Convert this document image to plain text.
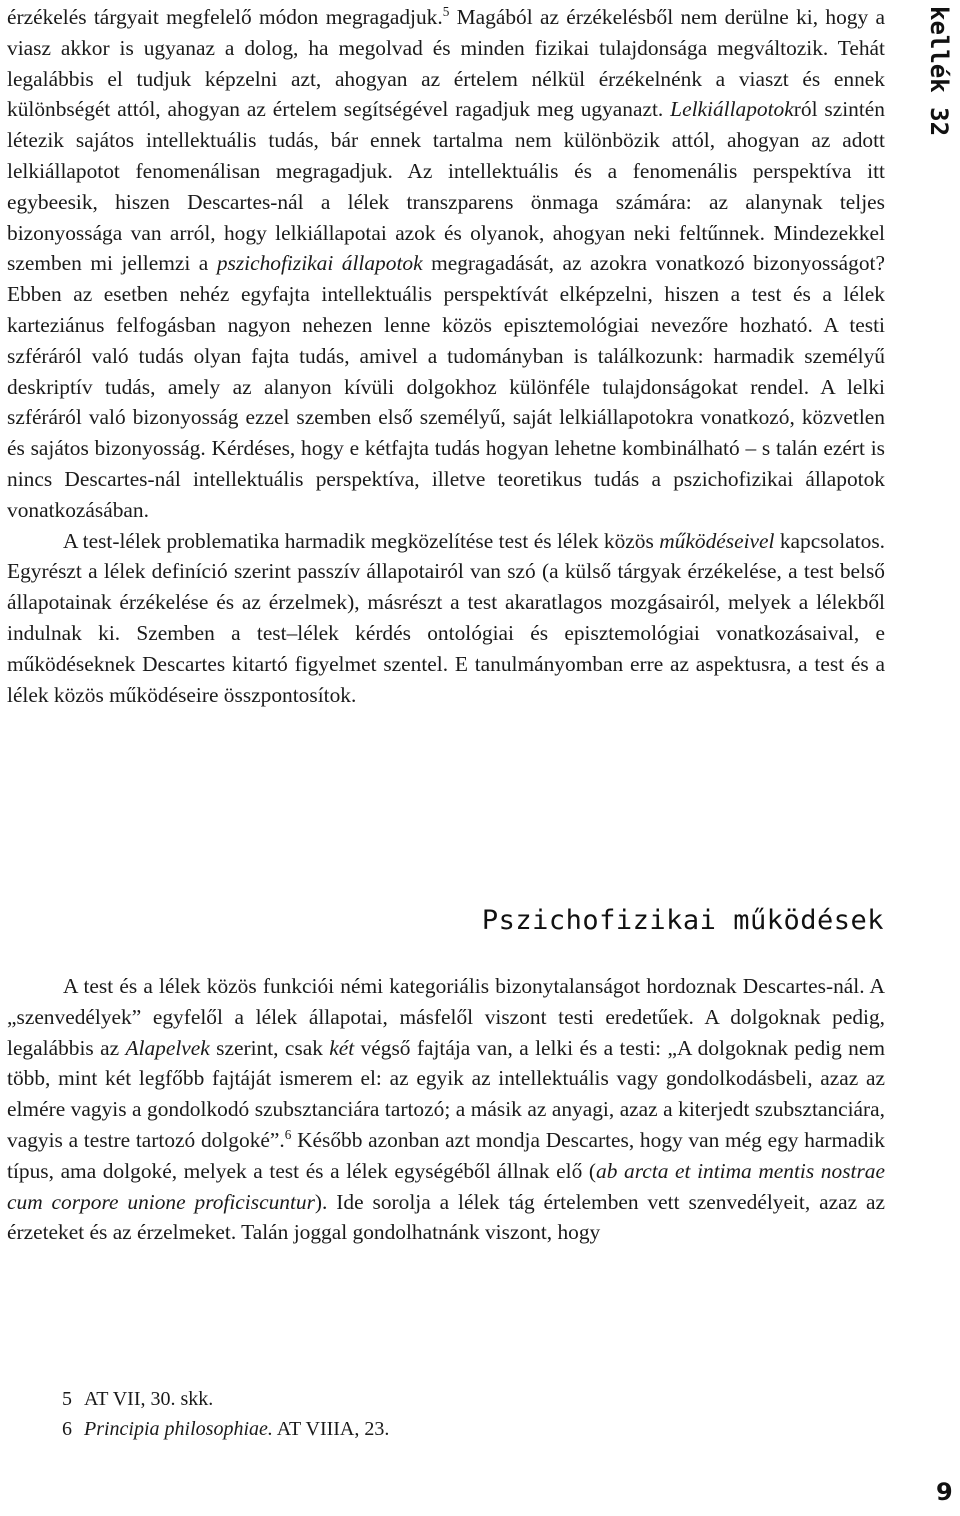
kellék 32

érzékelés tárgyait megfelelő módon megragadjuk.$^5$ Magából az érzékelésből nem derülne ki, hogy a viasz akkor is ugyanaz a dolog, ha megolvad és minden fizikai tulajdonsága megváltozik. Tehát legalábbis el tudjuk képzelni azt, ahogyan az értelem nélkül érzékelnénk a viaszt és ennek különbségét attól, ahogyan az értelem segítségével ragadjuk meg ugyanazt. Lelkiállapotokról szintén létezik sajátos intellektuális tudás, bár ennek tartalma nem különbözik attól, ahogyan az adott lelkiállapotot fenomenálisan megragadjuk. Az intellektuális és a fenomenális perspektíva itt egybeesik, hiszen Descartes-nál a lélek transzparens önmaga számára: az alanynak teljes bizonyossága van arról, hogy lelkiállapotai azok és olyanok, ahogyan neki feltűnnek. Mindezekkel szemben mi jellemzi a pszichofizikai állapotok megragadását, az azokra vonatkozó bizonyosságot? Ebben az esetben nehéz egyfajta intellektuális perspektívát elképzelni, hiszen a test és a lélek karteziánus felfogásban nagyon nehezen lenne közös episztemológiai nevezőre hozható. A testi szféráról való tudás olyan fajta tudás, amivel a tudományban is találkozunk: harmadik személyű deskriptív tudás, amely az alanyon kívüli dolgokhoz különféle tulajdonságokat rendel. A lelki szféráról való bizonyosság ezzel szemben első személyű, saját lelkiállapotokra vonatkozó, közvetlen és sajátos bizonyosság. Kérdéses, hogy e kétfajta tudás hogyan lehetne kombinálható – s talán ezért is nincs Descartes-nál intellektuális perspektíva, illetve teoretikus tudás a pszichofizikai állapotok vonatkozásában.

A test-lélek problematika harmadik megközelítése test és lélek közös működéseivel kapcsolatos. Egyrészt a lélek definíció szerint passzív állapotairól van szó (a külső tárgyak érzékelése, a test belső állapotainak érzékelése és az érzelmek), másrészt a test akaratlagos mozgásairól, melyek a lélekből indulnak ki. Szemben a test–lélek kérdés ontológiai és episztemológiai vonatkozásaival, e működéseknek Descartes kitartó figyelmet szentel. E tanulmányomban erre az aspektusra, a test és a lélek közös működéseire összpontosítok.

Pszichofizikai működések

A test és a lélek közös funkciói némi kategoriális bizonytalanságot hordoznak Descartes-nál. A „szenvedélyek” egyfelől a lélek állapotai, másfelől viszont testi eredetűek. A dolgoknak pedig, legalábbis az Alapelvek szerint, csak két végső fajtája van, a lelki és a testi: „A dolgoknak pedig nem több, mint két legfőbb fajtáját ismerem el: az egyik az intellektuális vagy gondolkodásbeli, azaz az elmére vagyis a gondolkodó szubsztanciára tartozó; a másik az anyagi, azaz a kiterjedt szubsztanciára, vagyis a testre tartozó dolgoké”.$^6$ Később azonban azt mondja Descartes, hogy van még egy harmadik típus, ama dolgoké, melyek a test és a lélek egységéből állnak elő (ab arcta et intima mentis nostrae cum corpore unione proficiscuntur). Ide sorolja a lélek tág értelemben vett szenvedélyeit, azaz az érzeteket és az érzelmeket. Talán joggal gondolhatnánk viszont, hogy

5 AT VII, 30. skk.

6 Principia philosophiae. AT VIIIA, 23.

9
